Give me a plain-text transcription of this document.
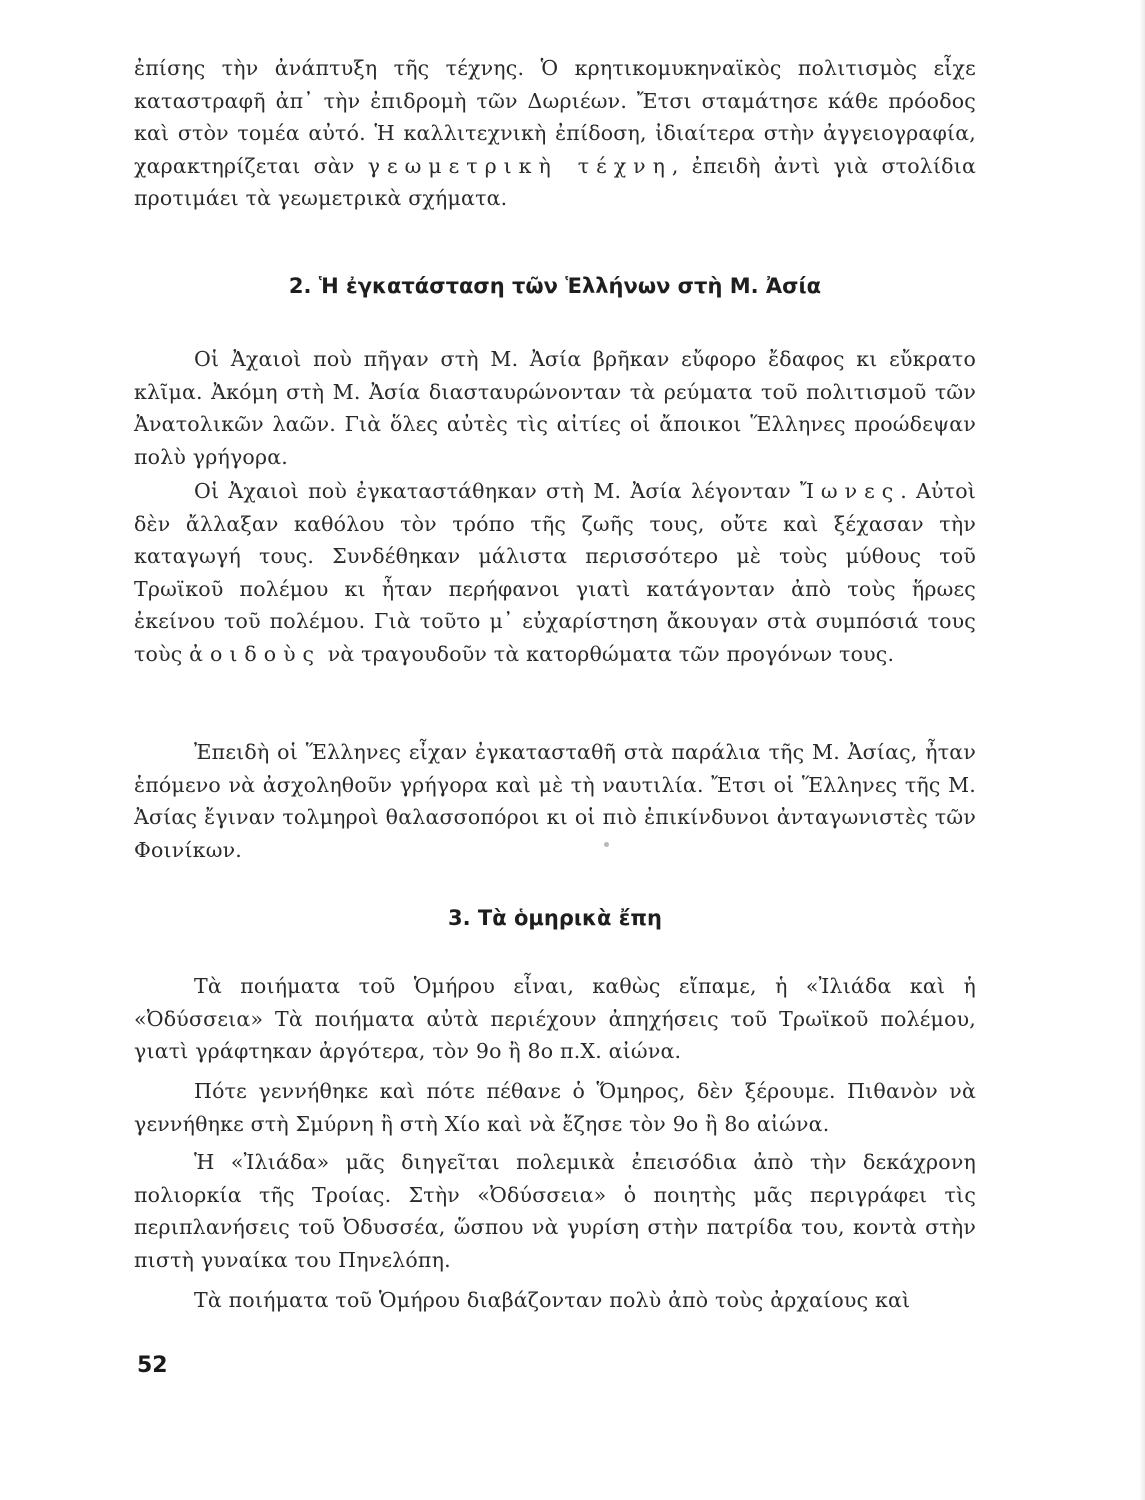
ἐπίσης τὴν ἀνάπτυξη τῆς τέχνης. Ὁ κρητικομυκηναϊκὸς πολιτισμὸς εἶχε καταστραφῆ ἀπ᾿ τὴν ἐπιδρομὴ τῶν Δωριέων. Ἔτσι σταμάτησε κάθε πρόοδος καὶ στὸν τομέα αὐτό. Ἡ καλλιτεχνικὴ ἐπίδοση, ἰδιαίτερα στὴν ἀγγειογραφία, χαρακτηρίζεται σὰν γεωμετρικὴ τέχνη, ἐπειδὴ ἀντὶ γιὰ στολίδια προτιμάει τὰ γεωμετρικὰ σχήματα.

2. Ἡ ἐγκατάσταση τῶν Ἑλλήνων στὴ Μ. Ἀσία

Οἱ Ἀχαιοὶ ποὺ πῆγαν στὴ Μ. Ἀσία βρῆκαν εὔφορο ἔδαφος κι εὔκρατο κλῖμα. Ἀκόμη στὴ Μ. Ἀσία διασταυρώνονταν τὰ ρεύματα τοῦ πολιτισμοῦ τῶν Ἀνατολικῶν λαῶν. Γιὰ ὅλες αὐτὲς τὶς αἰτίες οἱ ἄποικοι Ἕλληνες προώδεψαν πολὺ γρήγορα.

Οἱ Ἀχαιοὶ ποὺ ἐγκαταστάθηκαν στὴ Μ. Ἀσία λέγονταν Ἴωνες. Αὐτοὶ δὲν ἄλλαξαν καθόλου τὸν τρόπο τῆς ζωῆς τους, οὔτε καὶ ξέχασαν τὴν καταγωγή τους. Συνδέθηκαν μάλιστα περισσότερο μὲ τοὺς μύθους τοῦ Τρωϊκοῦ πολέμου κι ἦταν περήφανοι γιατὶ κατάγονταν ἀπὸ τοὺς ἥρωες ἐκείνου τοῦ πολέμου. Γιὰ τοῦτο μ᾿ εὐχαρίστηση ἄκουγαν στὰ συμπόσιά τους τοὺς ἀοιδοὺς νὰ τραγουδοῦν τὰ κατορθώματα τῶν προγόνων τους.

Ἐπειδὴ οἱ Ἕλληνες εἶχαν ἐγκατασταθῆ στὰ παράλια τῆς Μ. Ἀσίας, ἦταν ἑπόμενο νὰ ἀσχοληθοῦν γρήγορα καὶ μὲ τὴ ναυτιλία. Ἔτσι οἱ Ἕλληνες τῆς Μ. Ἀσίας ἔγιναν τολμηροὶ θαλασσοπόροι κι οἱ πιὸ ἐπικίνδυνοι ἀνταγωνιστὲς τῶν Φοινίκων.

3. Τὰ ὁμηρικὰ ἔπη

Τὰ ποιήματα τοῦ Ὁμήρου εἶναι, καθὼς εἴπαμε, ἡ «Ἰλιάδα καὶ ἡ «Ὀδύσσεια» Τὰ ποιήματα αὐτὰ περιέχουν ἀπηχήσεις τοῦ Τρωϊκοῦ πολέμου, γιατὶ γράφτηκαν ἀργότερα, τὸν 9ο ἢ 8ο π.Χ. αἰώνα.

Πότε γεννήθηκε καὶ πότε πέθανε ὁ Ὅμηρος, δὲν ξέρουμε. Πιθανὸν νὰ γεννήθηκε στὴ Σμύρνη ἢ στὴ Χίο καὶ νὰ ἔζησε τὸν 9ο ἢ 8ο αἰώνα.

Ἡ «Ἰλιάδα» μᾶς διηγεῖται πολεμικὰ ἐπεισόδια ἀπὸ τὴν δεκάχρονη πολιορκία τῆς Τροίας. Στὴν «Ὀδύσσεια» ὁ ποιητὴς μᾶς περιγράφει τὶς περιπλανήσεις τοῦ Ὀδυσσέα, ὥσπου νὰ γυρίση στὴν πατρίδα του, κοντὰ στὴν πιστὴ γυναίκα του Πηνελόπη.

Τὰ ποιήματα τοῦ Ὁμήρου διαβάζονταν πολὺ ἀπὸ τοὺς ἀρχαίους καὶ

52
